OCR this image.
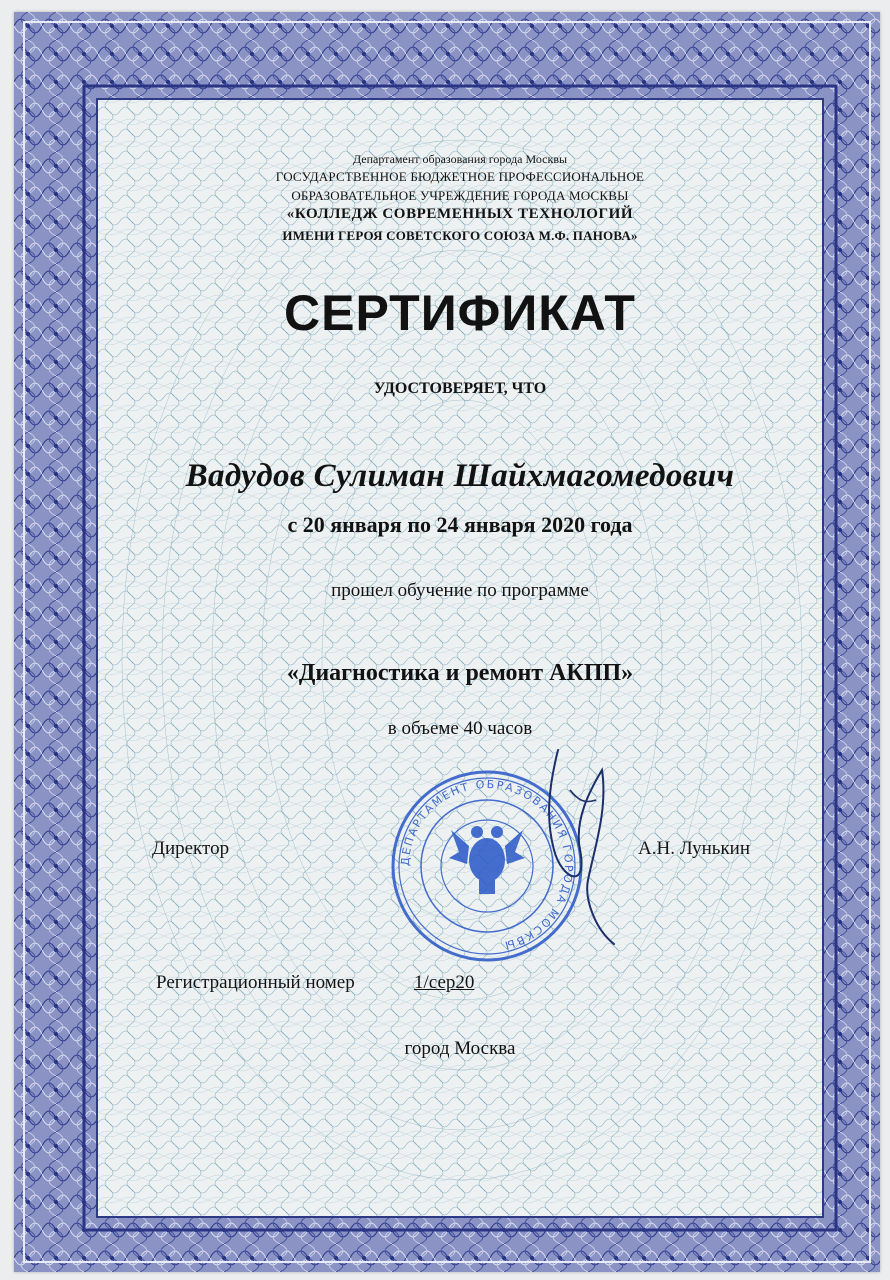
Департамент образования города Москвы
ГОСУДАРСТВЕННОЕ БЮДЖЕТНОЕ ПРОФЕССИОНАЛЬНОЕ
ОБРАЗОВАТЕЛЬНОЕ УЧРЕЖДЕНИЕ ГОРОДА МОСКВЫ
«КОЛЛЕДЖ СОВРЕМЕННЫХ ТЕХНОЛОГИЙ
ИМЕНИ ГЕРОЯ СОВЕТСКОГО СОЮЗА М.Ф. ПАНОВА»
СЕРТИФИКАТ
УДОСТОВЕРЯЕТ, ЧТО
Вадудов Сулиман Шайхмагомедович
с 20 января по 24 января 2020 года
прошел обучение по программе
«Диагностика и ремонт АКПП»
в объеме 40 часов
Директор	А.Н. Лунькин
ДЕПАРТАМЕНТ ОБРАЗОВАНИЯ ГОРОДА МОСКВЫ
Регистрационный номер	1/сер20
город Москва
